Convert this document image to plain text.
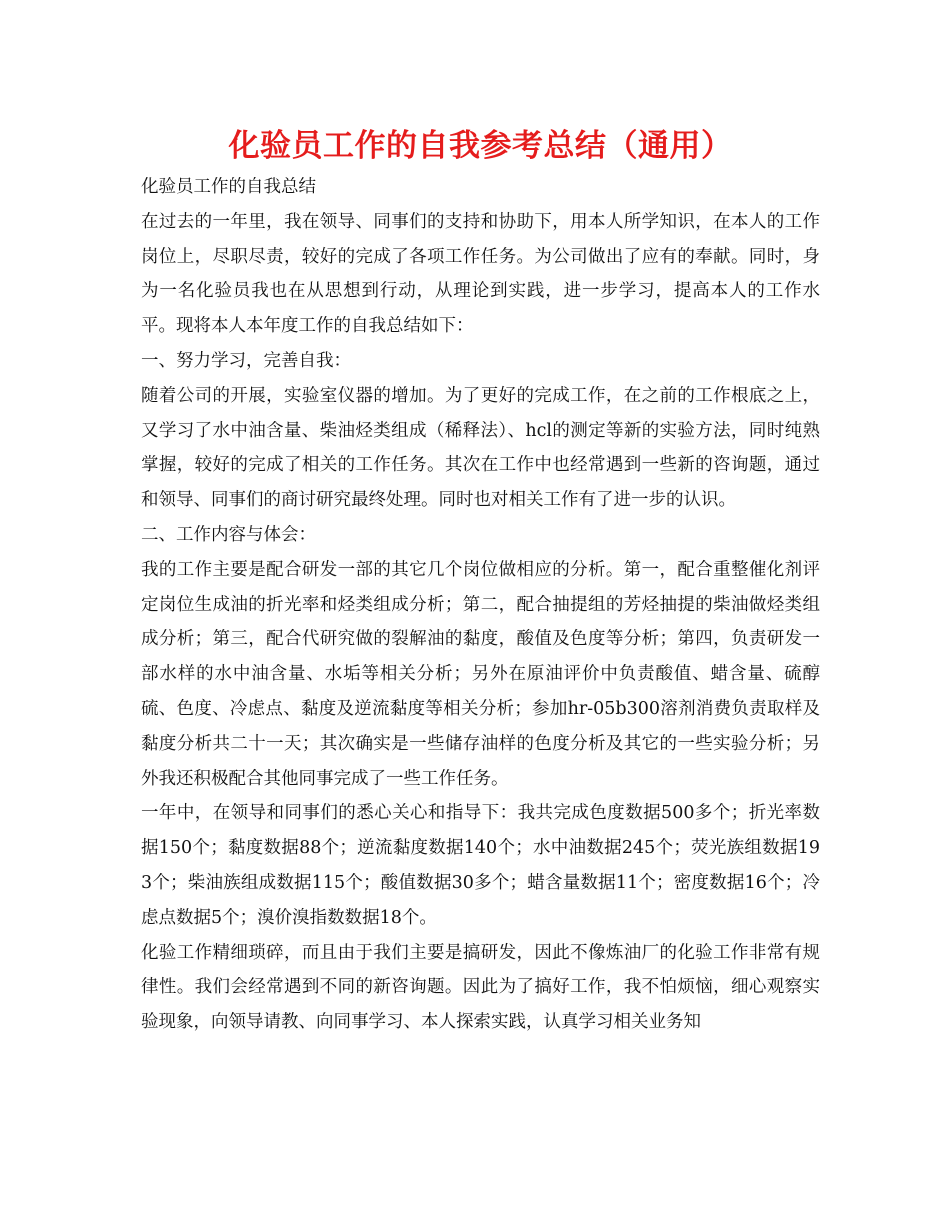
化验员工作的自我参考总结（通用）

化验员工作的自我总结

在过去的一年里，我在领导、同事们的支持和协助下，用本人所学知识，在本人的工作岗位上，尽职尽责，较好的完成了各项工作任务。为公司做出了应有的奉献。同时，身为一名化验员我也在从思想到行动，从理论到实践，进一步学习，提高本人的工作水平。现将本人本年度工作的自我总结如下：

一、努力学习，完善自我：

随着公司的开展，实验室仪器的增加。为了更好的完成工作，在之前的工作根底之上，又学习了水中油含量、柴油烃类组成（稀释法）、hcl的测定等新的实验方法，同时纯熟掌握，较好的完成了相关的工作任务。其次在工作中也经常遇到一些新的咨询题，通过和领导、同事们的商讨研究最终处理。同时也对相关工作有了进一步的认识。

二、工作内容与体会：

我的工作主要是配合研发一部的其它几个岗位做相应的分析。第一，配合重整催化剂评定岗位生成油的折光率和烃类组成分析；第二，配合抽提组的芳烃抽提的柴油做烃类组成分析；第三，配合代研究做的裂解油的黏度，酸值及色度等分析；第四，负责研发一部水样的水中油含量、水垢等相关分析；另外在原油评价中负责酸值、蜡含量、硫醇硫、色度、冷虑点、黏度及逆流黏度等相关分析；参加hr-05b300溶剂消费负责取样及黏度分析共二十一天；其次确实是一些储存油样的色度分析及其它的一些实验分析；另外我还积极配合其他同事完成了一些工作任务。

一年中，在领导和同事们的悉心关心和指导下：我共完成色度数据500多个；折光率数据150个；黏度数据88个；逆流黏度数据140个；水中油数据245个；荧光族组数据193个；柴油族组成数据115个；酸值数据30多个；蜡含量数据11个；密度数据16个；冷虑点数据5个；溴价溴指数数据18个。

化验工作精细琐碎，而且由于我们主要是搞研发，因此不像炼油厂的化验工作非常有规律性。我们会经常遇到不同的新咨询题。因此为了搞好工作，我不怕烦恼，细心观察实验现象，向领导请教、向同事学习、本人探索实践，认真学习相关业务知
